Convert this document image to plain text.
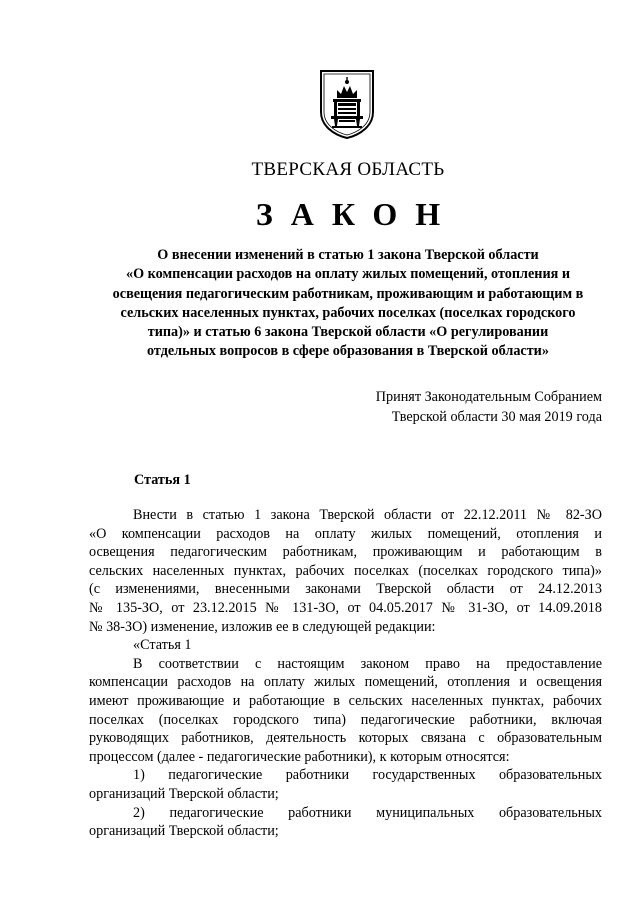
ТВЕРСКАЯ ОБЛАСТЬ
ЗАКОН
О внесении изменений в статью 1 закона Тверской области
«О компенсации расходов на оплату жилых помещений, отопления и
освещения педагогическим работникам, проживающим и работающим в
сельских населенных пунктах, рабочих поселках (поселках городского
типа)» и статью 6 закона Тверской области «О регулировании
отдельных вопросов в сфере образования в Тверской области»
Принят Законодательным Собранием
Тверской области 30 мая 2019 года
Статья 1
Внести в статью 1 закона Тверской области от 22.12.2011 № 82-ЗО
«О компенсации расходов на оплату жилых помещений, отопления и
освещения педагогическим работникам, проживающим и работающим в
сельских населенных пунктах, рабочих поселках (поселках городского типа)»
(с изменениями, внесенными законами Тверской области от 24.12.2013
№ 135-ЗО, от 23.12.2015 № 131-ЗО, от 04.05.2017 № 31-ЗО, от 14.09.2018
№ 38-ЗО) изменение, изложив ее в следующей редакции:
«Статья 1
В соответствии с настоящим законом право на предоставление
компенсации расходов на оплату жилых помещений, отопления и освещения
имеют проживающие и работающие в сельских населенных пунктах, рабочих
поселках (поселках городского типа) педагогические работники, включая
руководящих работников, деятельность которых связана с образовательным
процессом (далее - педагогические работники), к которым относятся:
1) педагогические работники государственных образовательных
организаций Тверской области;
2) педагогические работники муниципальных образовательных
организаций Тверской области;
